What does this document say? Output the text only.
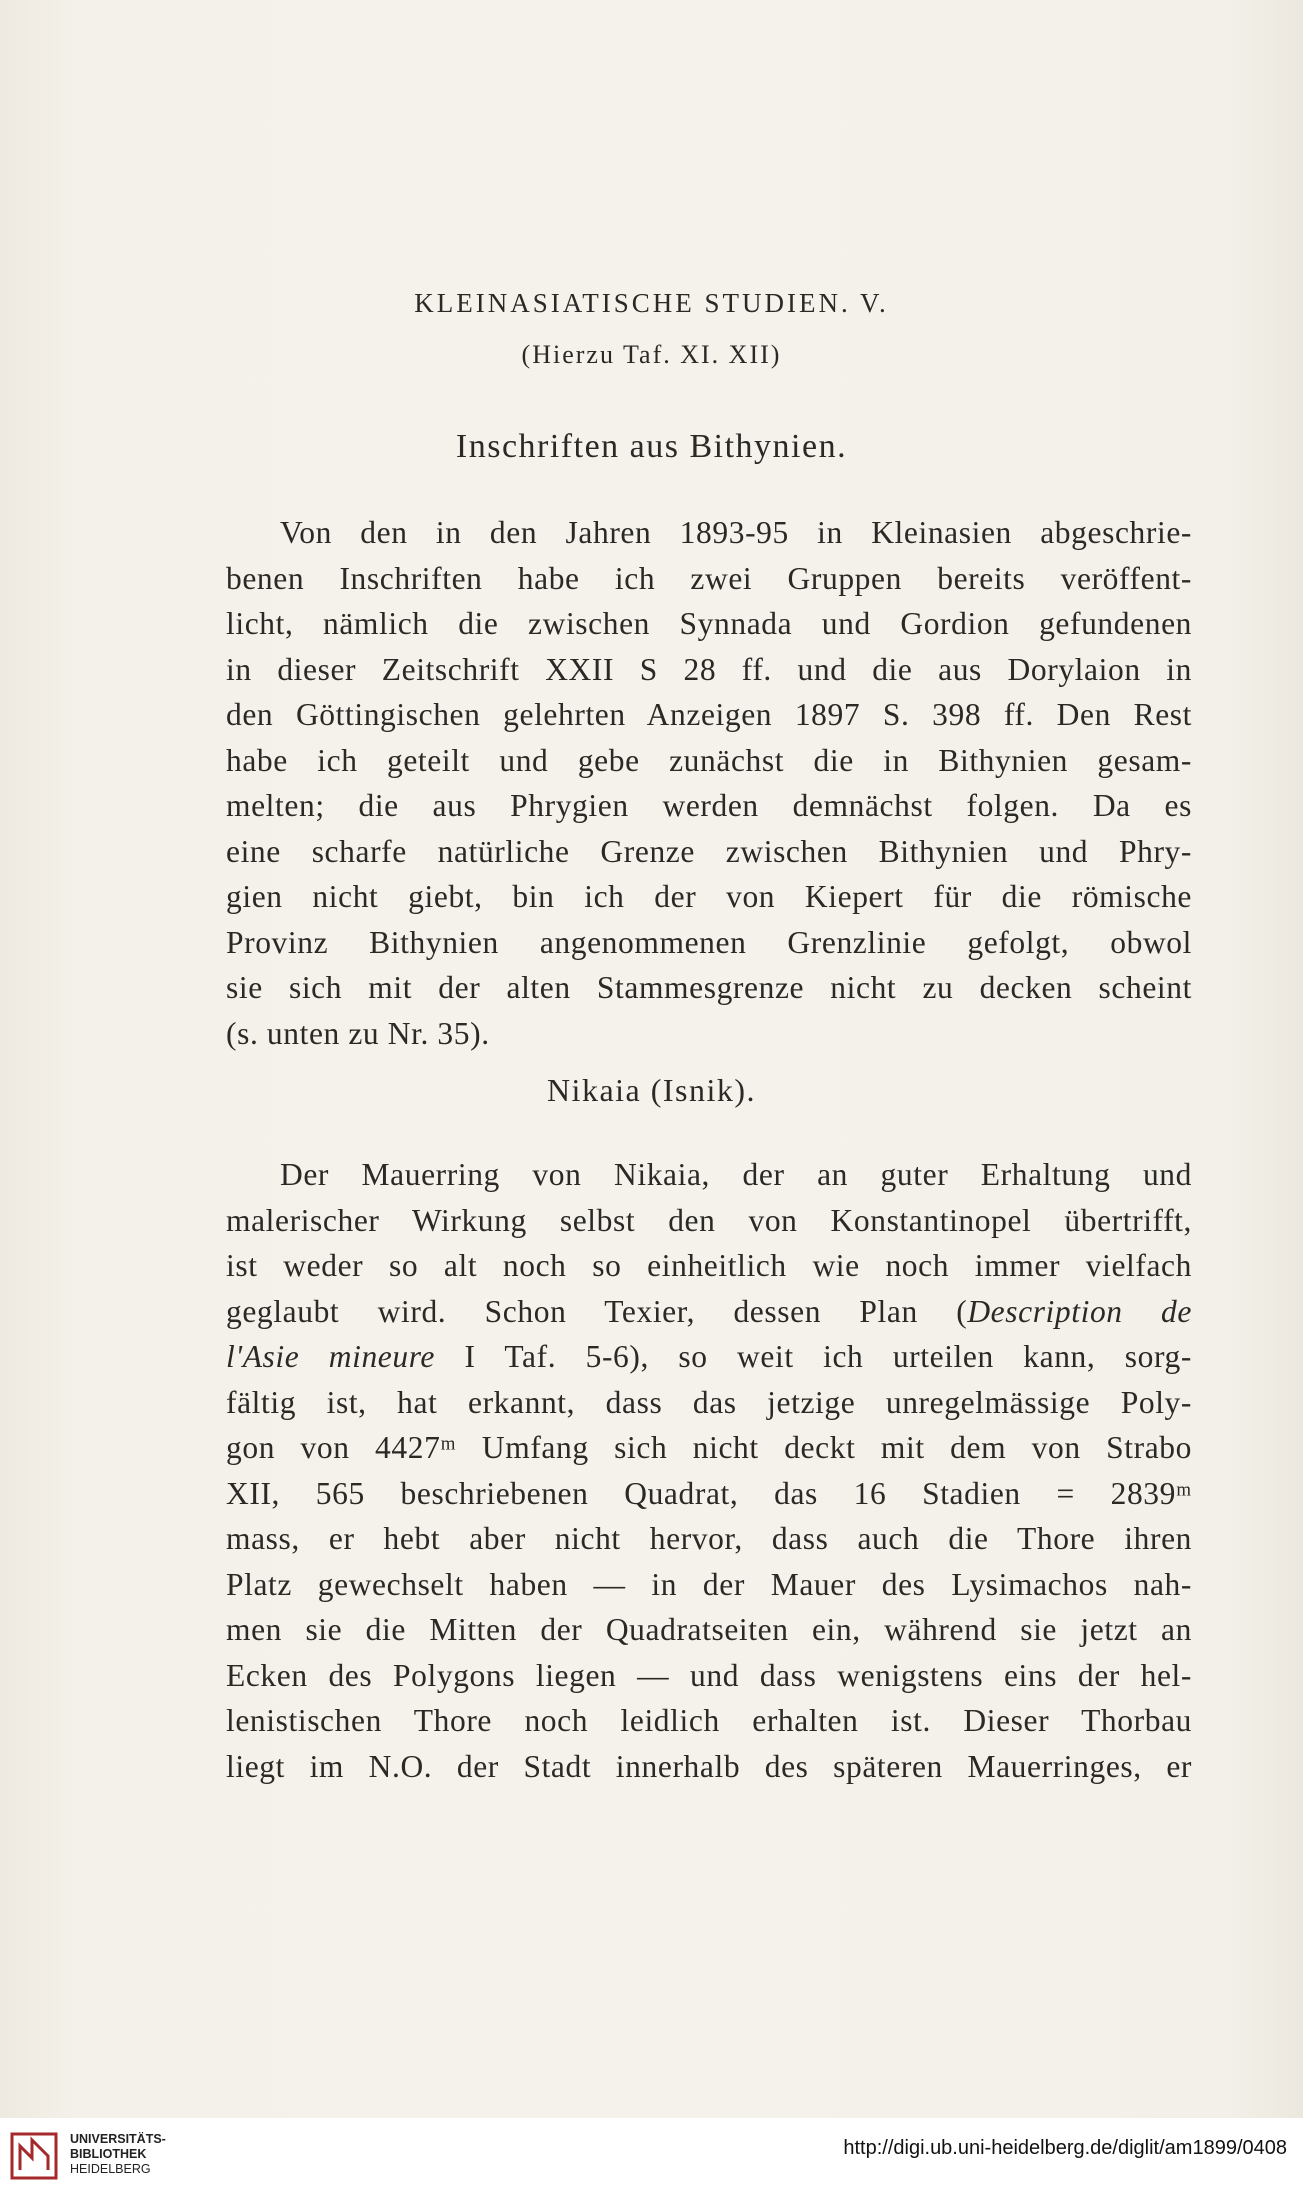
KLEINASIATISCHE STUDIEN. V.
(Hierzu Taf. XI. XII)
Inschriften aus Bithynien.
Von den in den Jahren 1893-95 in Kleinasien abgeschrie-
benen Inschriften habe ich zwei Gruppen bereits veröffent-
licht, nämlich die zwischen Synnada und Gordion gefundenen
in dieser Zeitschrift XXII S 28 ff. und die aus Dorylaion in
den Göttingischen gelehrten Anzeigen 1897 S. 398 ff. Den Rest
habe ich geteilt und gebe zunächst die in Bithynien gesam-
melten; die aus Phrygien werden demnächst folgen. Da es
eine scharfe natürliche Grenze zwischen Bithynien und Phry-
gien nicht giebt, bin ich der von Kiepert für die römische
Provinz Bithynien angenommenen Grenzlinie gefolgt, obwol
sie sich mit der alten Stammesgrenze nicht zu decken scheint
(s. unten zu Nr. 35).
Nikaia (Isnik).
Der Mauerring von Nikaia, der an guter Erhaltung und
malerischer Wirkung selbst den von Konstantinopel übertrifft,
ist weder so alt noch so einheitlich wie noch immer vielfach
geglaubt wird. Schon Texier, dessen Plan (Description de
l'Asie mineure I Taf. 5-6), so weit ich urteilen kann, sorg-
fältig ist, hat erkannt, dass das jetzige unregelmässige Poly-
gon von 4427ᵐ Umfang sich nicht deckt mit dem von Strabo
XII, 565 beschriebenen Quadrat, das 16 Stadien = 2839ᵐ
mass, er hebt aber nicht hervor, dass auch die Thore ihren
Platz gewechselt haben — in der Mauer des Lysimachos nah-
men sie die Mitten der Quadratseiten ein, während sie jetzt an
Ecken des Polygons liegen — und dass wenigstens eins der hel-
lenistischen Thore noch leidlich erhalten ist. Dieser Thorbau
liegt im N.O. der Stadt innerhalb des späteren Mauerringes, er
UNIVERSITÄTS-
BIBLIOTHEK
HEIDELBERG
http://digi.ub.uni-heidelberg.de/diglit/am1899/0408
